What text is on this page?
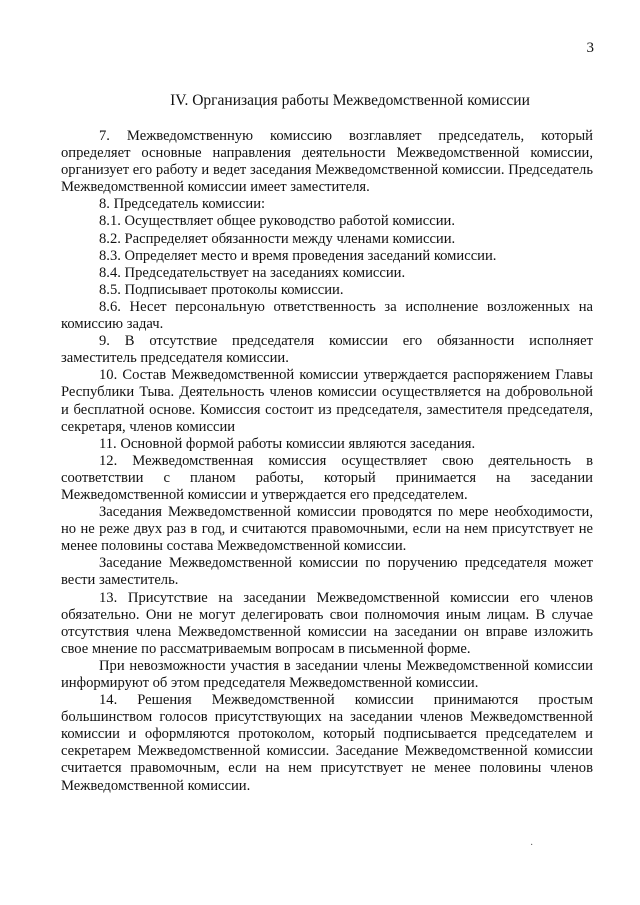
3
IV. Организация работы Межведомственной комиссии

7. Межведомственную комиссию возглавляет председатель, который определяет основные направления деятельности Межведомственной комиссии, организует его работу и ведет заседания Межведомственной комиссии. Председатель Межведомственной комиссии имеет заместителя.

8. Председатель комиссии:

8.1. Осуществляет общее руководство работой комиссии.

8.2. Распределяет обязанности между членами комиссии.

8.3. Определяет место и время проведения заседаний комиссии.

8.4. Председательствует на заседаниях комиссии.

8.5. Подписывает протоколы комиссии.

8.6. Несет персональную ответственность за исполнение возложенных на комиссию задач.

9. В отсутствие председателя комиссии его обязанности исполняет заместитель председателя комиссии.

10. Состав Межведомственной комиссии утверждается распоряжением Главы Республики Тыва. Деятельность членов комиссии осуществляется на добровольной и бесплатной основе. Комиссия состоит из председателя, заместителя председателя, секретаря, членов комиссии

11. Основной формой работы комиссии являются заседания.

12. Межведомственная комиссия осуществляет свою деятельность в соответствии с планом работы, который принимается на заседании Межведомственной комиссии и утверждается его председателем.

Заседания Межведомственной комиссии проводятся по мере необходимости, но не реже двух раз в год, и считаются правомочными, если на нем присутствует не менее половины состава Межведомственной комиссии.

Заседание Межведомственной комиссии по поручению председателя может вести заместитель.

13. Присутствие на заседании Межведомственной комиссии его членов обязательно. Они не могут делегировать свои полномочия иным лицам. В случае отсутствия члена Межведомственной комиссии на заседании он вправе изложить свое мнение по рассматриваемым вопросам в письменной форме.

При невозможности участия в заседании члены Межведомственной комиссии информируют об этом председателя Межведомственной комиссии.

14. Решения Межведомственной комиссии принимаются простым большинством голосов присутствующих на заседании членов Межведомственной комиссии и оформляются протоколом, который подписывается председателем и секретарем Межведомственной комиссии. Заседание Межведомственной комиссии считается правомочным, если на нем присутствует не менее половины членов Межведомственной комиссии.

·
